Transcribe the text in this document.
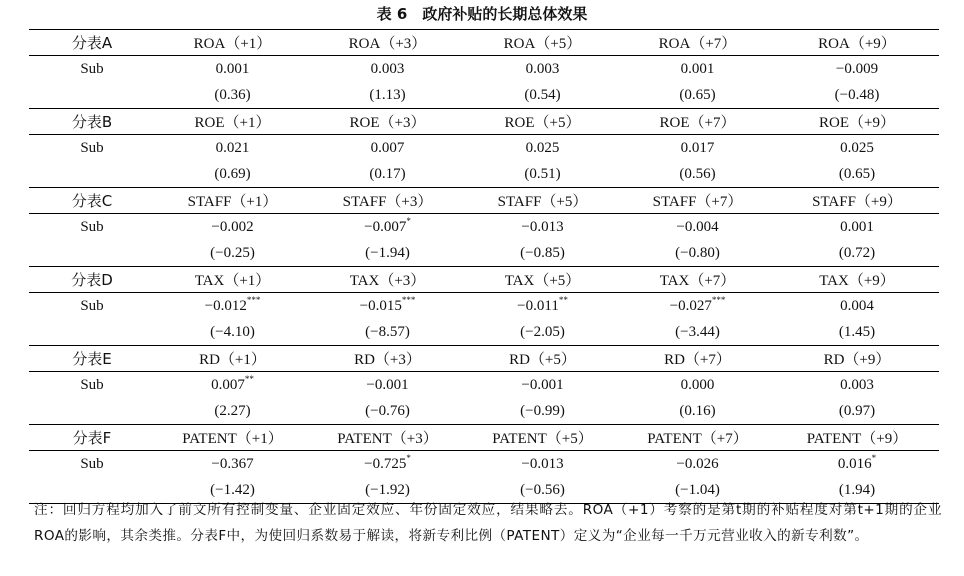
表 6　政府补贴的长期总体效果
分表A	ROA（+1）	ROA（+3）	ROA（+5）	ROA（+7）	ROA（+9）
Sub	0.001	0.003	0.003	0.001	−0.009
	(0.36)	(1.13)	(0.54)	(0.65)	(−0.48)
分表B	ROE（+1）	ROE（+3）	ROE（+5）	ROE（+7）	ROE（+9）
Sub	0.021	0.007	0.025	0.017	0.025
	(0.69)	(0.17)	(0.51)	(0.56)	(0.65)
分表C	STAFF（+1）	STAFF（+3）	STAFF（+5）	STAFF（+7）	STAFF（+9）
Sub	−0.002	−0.007*	−0.013	−0.004	0.001
	(−0.25)	(−1.94)	(−0.85)	(−0.80)	(0.72)
分表D	TAX（+1）	TAX（+3）	TAX（+5）	TAX（+7）	TAX（+9）
Sub	−0.012***	−0.015***	−0.011**	−0.027***	0.004
	(−4.10)	(−8.57)	(−2.05)	(−3.44)	(1.45)
分表E	RD（+1）	RD（+3）	RD（+5）	RD（+7）	RD（+9）
Sub	0.007**	−0.001	−0.001	0.000	0.003
	(2.27)	(−0.76)	(−0.99)	(0.16)	(0.97)
分表F	PATENT（+1）	PATENT（+3）	PATENT（+5）	PATENT（+7）	PATENT（+9）
Sub	−0.367	−0.725*	−0.013	−0.026	0.016*
	(−1.42)	(−1.92)	(−0.56)	(−1.04)	(1.94)
注：回归方程均加入了前文所有控制变量、企业固定效应、年份固定效应，结果略去。ROA（+1）考察的是第t期的补贴程度对第t+1期的企业ROA的影响，其余类推。分表F中，为使回归系数易于解读，将新专利比例（PATENT）定义为“企业每一千万元营业收入的新专利数”。
